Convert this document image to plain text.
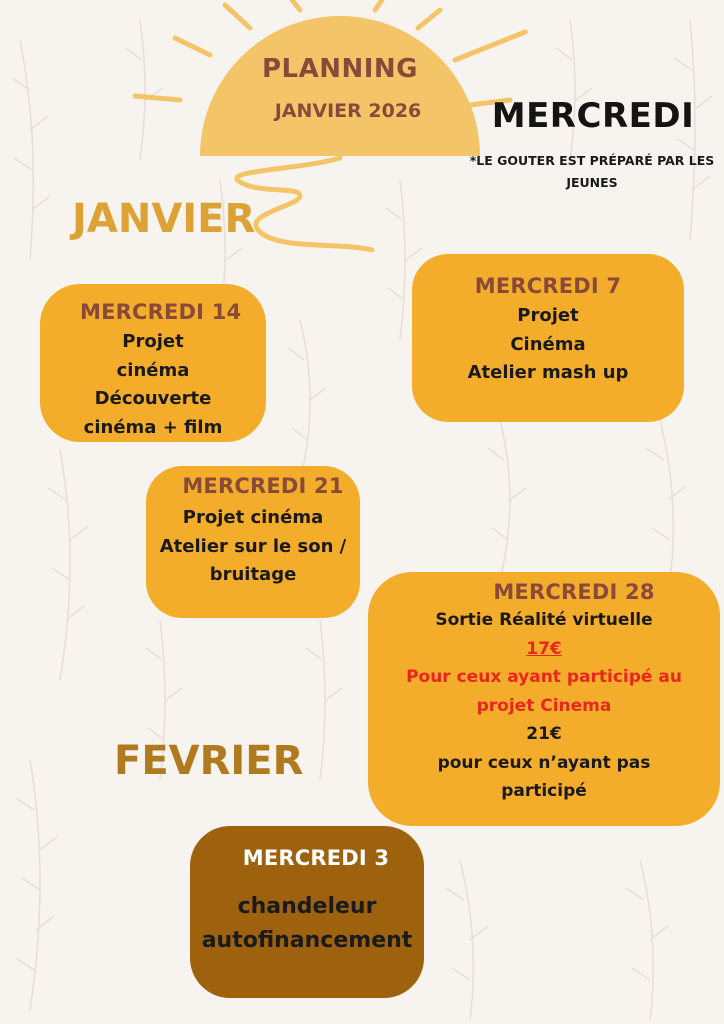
PLANNING
JANVIER 2026	MERCREDI
*LE GOUTER EST PRÉPARÉ PAR LES
JEUNES
JANVIER
FEVRIER
MERCREDI 7
Projet
Cinéma
Atelier mash up
MERCREDI 14
Projet
cinéma
Découverte
cinéma + film
MERCREDI 21
Projet cinéma
Atelier sur le son /
bruitage
MERCREDI 28
Sortie Réalité virtuelle
17€
Pour ceux ayant participé au
projet Cinema
21€
pour ceux n’ayant pas
participé
MERCREDI 3
chandeleur
autofinancement
